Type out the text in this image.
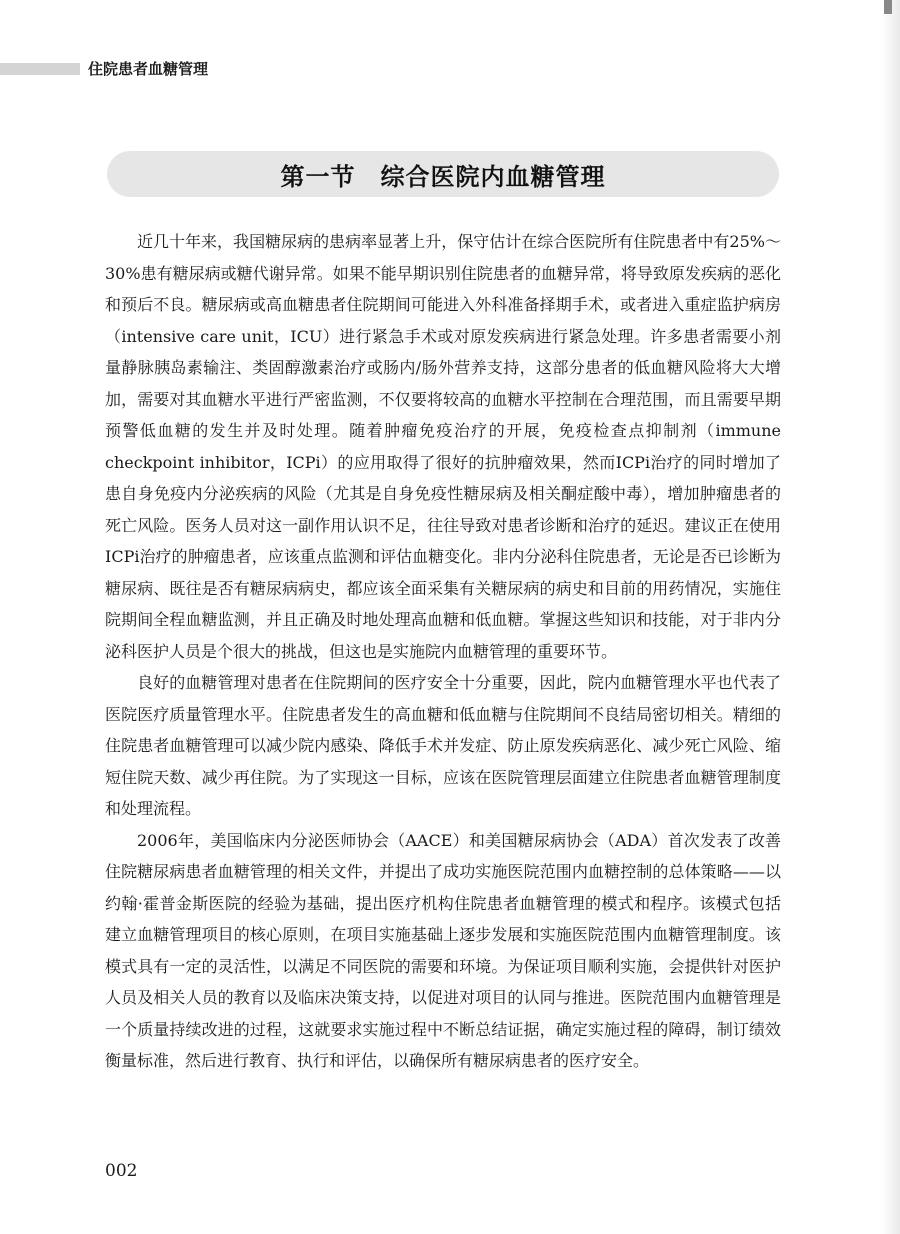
住院患者血糖管理
第一节　综合医院内血糖管理

近几十年来，我国糖尿病的患病率显著上升，保守估计在综合医院所有住院患者中有25%～30%患有糖尿病或糖代谢异常。如果不能早期识别住院患者的血糖异常，将导致原发疾病的恶化和预后不良。糖尿病或高血糖患者住院期间可能进入外科准备择期手术，或者进入重症监护病房（intensive care unit，ICU）进行紧急手术或对原发疾病进行紧急处理。许多患者需要小剂量静脉胰岛素输注、类固醇激素治疗或肠内/肠外营养支持，这部分患者的低血糖风险将大大增加，需要对其血糖水平进行严密监测，不仅要将较高的血糖水平控制在合理范围，而且需要早期预警低血糖的发生并及时处理。随着肿瘤免疫治疗的开展，免疫检查点抑制剂（immune checkpoint inhibitor，ICPi）的应用取得了很好的抗肿瘤效果，然而ICPi治疗的同时增加了患自身免疫内分泌疾病的风险（尤其是自身免疫性糖尿病及相关酮症酸中毒），增加肿瘤患者的死亡风险。医务人员对这一副作用认识不足，往往导致对患者诊断和治疗的延迟。建议正在使用ICPi治疗的肿瘤患者，应该重点监测和评估血糖变化。非内分泌科住院患者，无论是否已诊断为糖尿病、既往是否有糖尿病病史，都应该全面采集有关糖尿病的病史和目前的用药情况，实施住院期间全程血糖监测，并且正确及时地处理高血糖和低血糖。掌握这些知识和技能，对于非内分泌科医护人员是个很大的挑战，但这也是实施院内血糖管理的重要环节。

良好的血糖管理对患者在住院期间的医疗安全十分重要，因此，院内血糖管理水平也代表了医院医疗质量管理水平。住院患者发生的高血糖和低血糖与住院期间不良结局密切相关。精细的住院患者血糖管理可以减少院内感染、降低手术并发症、防止原发疾病恶化、减少死亡风险、缩短住院天数、减少再住院。为了实现这一目标，应该在医院管理层面建立住院患者血糖管理制度和处理流程。

2006年，美国临床内分泌医师协会（AACE）和美国糖尿病协会（ADA）首次发表了改善住院糖尿病患者血糖管理的相关文件，并提出了成功实施医院范围内血糖控制的总体策略——以约翰·霍普金斯医院的经验为基础，提出医疗机构住院患者血糖管理的模式和程序。该模式包括建立血糖管理项目的核心原则，在项目实施基础上逐步发展和实施医院范围内血糖管理制度。该模式具有一定的灵活性，以满足不同医院的需要和环境。为保证项目顺利实施，会提供针对医护人员及相关人员的教育以及临床决策支持，以促进对项目的认同与推进。医院范围内血糖管理是一个质量持续改进的过程，这就要求实施过程中不断总结证据，确定实施过程的障碍，制订绩效衡量标准，然后进行教育、执行和评估，以确保所有糖尿病患者的医疗安全。

002
